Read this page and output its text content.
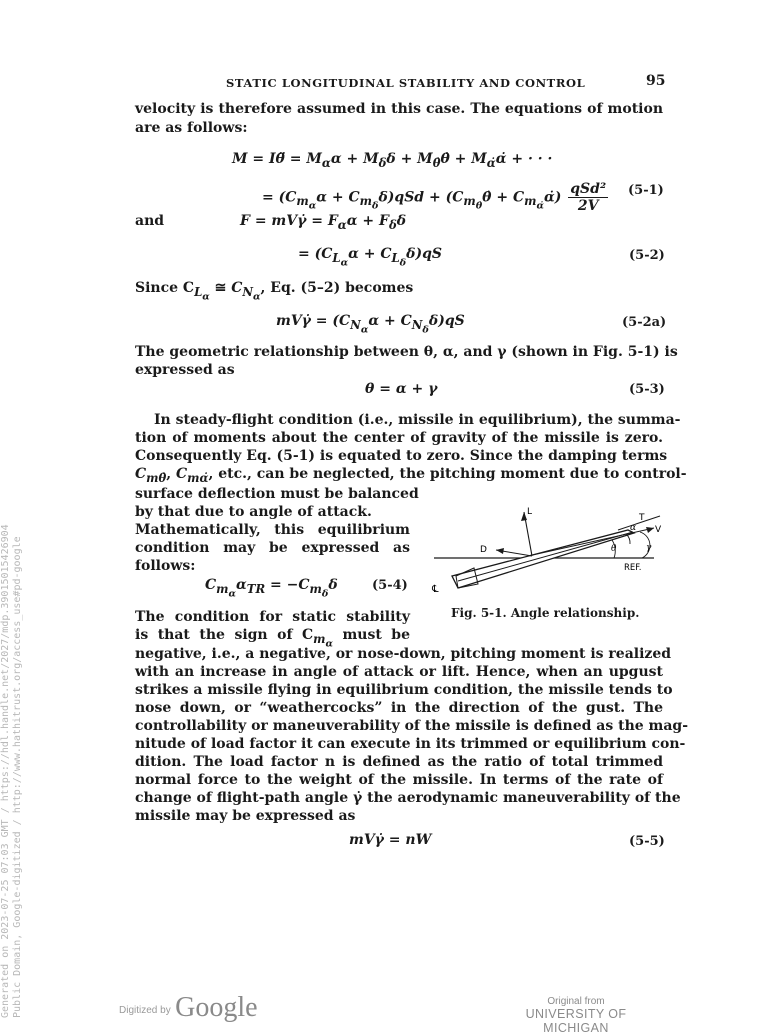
STATIC LONGITUDINAL STABILITY AND CONTROL	95
velocity is therefore assumed in this case. The equations of motion
are as follows:
M = Iθ̈ = $M_\alpha\alpha + M_\delta\delta$ + $M_{\thetȧ}\thetȧ$ + $M_{\alphȧ}\alphȧ$ + · · ·
= $(C_{m_\alpha}\alpha + C_{m_\delta}\delta)qSd$ + ($C_{m_{\thetȧ}}\thetȧ$ + $C_{m_{\alphȧ}}\alphȧ$)
qSd²
2V
(5-1)
and	F = mVγ̇ = $F_\alpha\alpha + F_\delta\delta$
= $(C_{L_\alpha}\alpha + C_{L_\delta}\delta)qS$	(5-2)
Since $C_{L_\alpha}$ ≅ $C_{N_\alpha}$, Eq. (5–2) becomes
mVγ̇ = $(C_{N_\alpha}\alpha + C_{N_\delta}\delta)qS$	(5-2a)
The geometric relationship between θ, α, and γ (shown in Fig. 5-1) is
expressed as
θ = α + γ	(5-3)
In steady-flight condition (i.e., missile in equilibrium), the summa-
tion of moments about the center of gravity of the missile is zero.
Consequently Eq. (5-1) is equated to zero. Since the damping terms
$C_{m\thetȧ}$, $C_{m\alphȧ}$, etc., can be neglected, the pitching moment due to control-
surface deflection must be balanced
by that due to angle of attack.
Mathematically, this equilibrium
condition may be expressed as
follows:
$C_{m_\alpha}\alpha_{TR} = -C_{m_\delta}\delta$	(5-4)
L
T
V
D
α
θ	γ
REF.
℄
Fig. 5-1. Angle relationship.
The condition for static stability
is that the sign of $C_{m_\alpha}$ must be
negative, i.e., a negative, or nose-down, pitching moment is realized
with an increase in angle of attack or lift. Hence, when an upgust
strikes a missile flying in equilibrium condition, the missile tends to
nose down, or “weathercocks” in the direction of the gust. The
controllability or maneuverability of the missile is defined as the mag-
nitude of load factor it can execute in its trimmed or equilibrium con-
dition. The load factor n is defined as the ratio of total trimmed
normal force to the weight of the missile. In terms of the rate of
change of flight-path angle γ̇ the aerodynamic maneuverability of the
missile may be expressed as
mVγ̇ = nW	(5-5)
Generated on 2023-07-25 07:03 GMT / https://hdl.handle.net/2027/mdp.39015015426904 Public Domain, Google-digitized / http://www.hathitrust.org/access_use#pd-google	Digitized by Google	Original from
UNIVERSITY OF MICHIGAN
